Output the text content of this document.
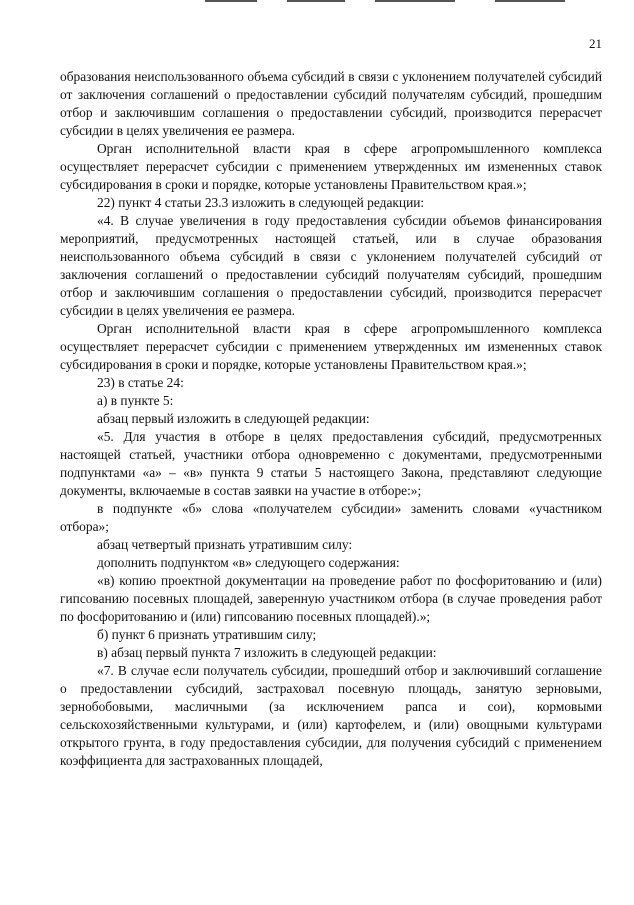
21

образования неиспользованного объема субсидий в связи с уклонением получателей субсидий от заключения соглашений о предоставлении субсидий получателям субсидий, прошедшим отбор и заключившим соглашения о предоставлении субсидий, производится перерасчет субсидии в целях увеличения ее размера.

Орган исполнительной власти края в сфере агропромышленного комплекса осуществляет перерасчет субсидии с применением утвержденных им измененных ставок субсидирования в сроки и порядке, которые установлены Правительством края.»;

22) пункт 4 статьи 23.3 изложить в следующей редакции:

«4. В случае увеличения в году предоставления субсидии объемов финансирования мероприятий, предусмотренных настоящей статьей, или в случае образования неиспользованного объема субсидий в связи с уклонением получателей субсидий от заключения соглашений о предоставлении субсидий получателям субсидий, прошедшим отбор и заключившим соглашения о предоставлении субсидий, производится перерасчет субсидии в целях увеличения ее размера.

Орган исполнительной власти края в сфере агропромышленного комплекса осуществляет перерасчет субсидии с применением утвержденных им измененных ставок субсидирования в сроки и порядке, которые установлены Правительством края.»;

23) в статье 24:

а) в пункте 5:

абзац первый изложить в следующей редакции:

«5. Для участия в отборе в целях предоставления субсидий, предусмотренных настоящей статьей, участники отбора одновременно с документами, предусмотренными подпунктами «а» – «в» пункта 9 статьи 5 настоящего Закона, представляют следующие документы, включаемые в состав заявки на участие в отборе:»;

в подпункте «б» слова «получателем субсидии» заменить словами «участником отбора»;

абзац четвертый признать утратившим силу:

дополнить подпунктом «в» следующего содержания:

«в) копию проектной документации на проведение работ по фосфоритованию и (или) гипсованию посевных площадей, заверенную участником отбора (в случае проведения работ по фосфоритованию и (или) гипсованию посевных площадей).»;

б) пункт 6 признать утратившим силу;

в) абзац первый пункта 7 изложить в следующей редакции:

«7. В случае если получатель субсидии, прошедший отбор и заключивший соглашение о предоставлении субсидий, застраховал посевную площадь, занятую зерновыми, зернобобовыми, масличными (за исключением рапса и сои), кормовыми сельскохозяйственными культурами, и (или) картофелем, и (или) овощными культурами открытого грунта, в году предоставления субсидии, для получения субсидий с применением коэффициента для застрахованных площадей,
